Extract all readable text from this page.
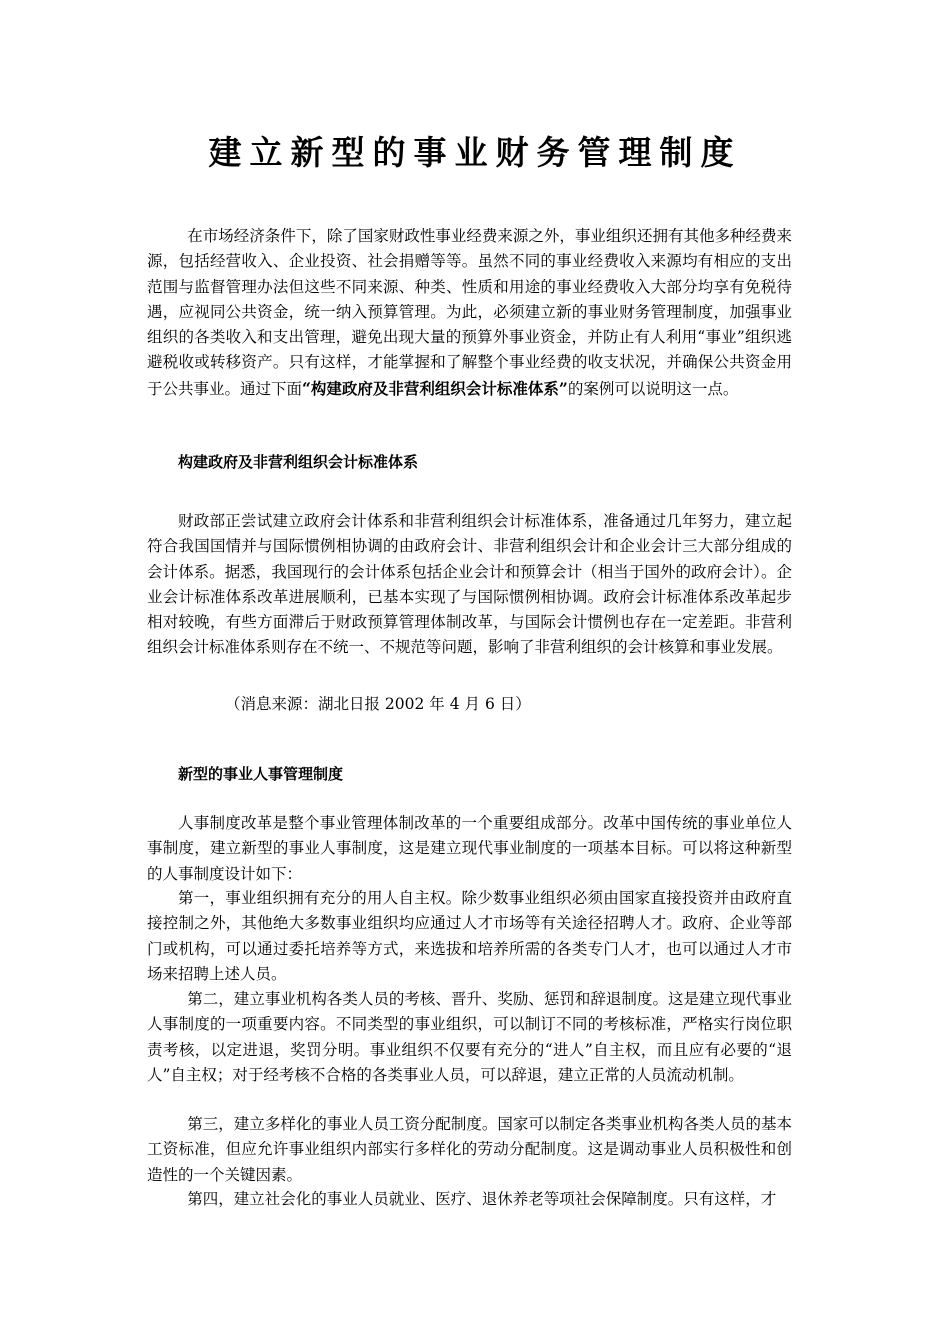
建立新型的事业财务管理制度

在市场经济条件下，除了国家财政性事业经费来源之外，事业组织还拥有其他多种经费来源，包括经营收入、企业投资、社会捐赠等等。虽然不同的事业经费收入来源均有相应的支出范围与监督管理办法但这些不同来源、种类、性质和用途的事业经费收入大部分均享有免税待遇，应视同公共资金，统一纳入预算管理。为此，必须建立新的事业财务管理制度，加强事业组织的各类收入和支出管理，避免出现大量的预算外事业资金，并防止有人利用“事业”组织逃避税收或转移资产。只有这样，才能掌握和了解整个事业经费的收支状况，并确保公共资金用于公共事业。通过下面“构建政府及非营利组织会计标准体系”的案例可以说明这一点。

构建政府及非营利组织会计标准体系

财政部正尝试建立政府会计体系和非营利组织会计标准体系，准备通过几年努力，建立起符合我国国情并与国际惯例相协调的由政府会计、非营利组织会计和企业会计三大部分组成的会计体系。据悉，我国现行的会计体系包括企业会计和预算会计（相当于国外的政府会计）。企业会计标准体系改革进展顺利，已基本实现了与国际惯例相协调。政府会计标准体系改革起步相对较晚，有些方面滞后于财政预算管理体制改革，与国际会计惯例也存在一定差距。非营利组织会计标准体系则存在不统一、不规范等问题，影响了非营利组织的会计核算和事业发展。

（消息来源：湖北日报 2002 年 4 月 6 日）

新型的事业人事管理制度

人事制度改革是整个事业管理体制改革的一个重要组成部分。改革中国传统的事业单位人事制度，建立新型的事业人事制度，这是建立现代事业制度的一项基本目标。可以将这种新型的人事制度设计如下：

第一，事业组织拥有充分的用人自主权。除少数事业组织必须由国家直接投资并由政府直接控制之外，其他绝大多数事业组织均应通过人才市场等有关途径招聘人才。政府、企业等部门或机构，可以通过委托培养等方式，来选拔和培养所需的各类专门人才，也可以通过人才市场来招聘上述人员。

第二，建立事业机构各类人员的考核、晋升、奖励、惩罚和辞退制度。这是建立现代事业人事制度的一项重要内容。不同类型的事业组织，可以制订不同的考核标准，严格实行岗位职责考核，以定进退，奖罚分明。事业组织不仅要有充分的“进人”自主权，而且应有必要的“退人”自主权；对于经考核不合格的各类事业人员，可以辞退，建立正常的人员流动机制。

第三，建立多样化的事业人员工资分配制度。国家可以制定各类事业机构各类人员的基本工资标准，但应允许事业组织内部实行多样化的劳动分配制度。这是调动事业人员积极性和创造性的一个关键因素。

第四，建立社会化的事业人员就业、医疗、退休养老等项社会保障制度。只有这样，才
